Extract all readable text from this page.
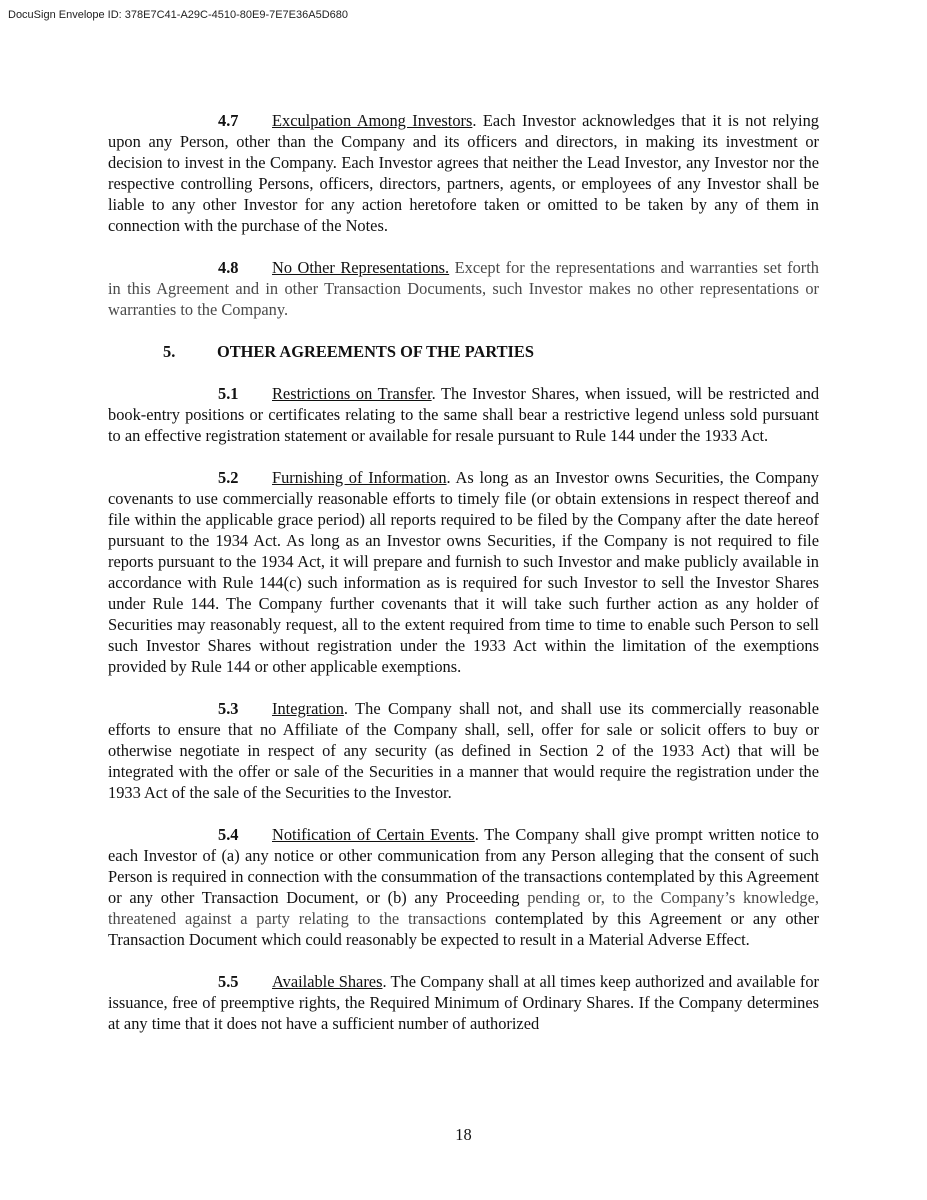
DocuSign Envelope ID: 378E7C41-A29C-4510-80E9-7E7E36A5D680

4.7 Exculpation Among Investors. Each Investor acknowledges that it is not relying upon any Person, other than the Company and its officers and directors, in making its investment or decision to invest in the Company. Each Investor agrees that neither the Lead Investor, any Investor nor the respective controlling Persons, officers, directors, partners, agents, or employees of any Investor shall be liable to any other Investor for any action heretofore taken or omitted to be taken by any of them in connection with the purchase of the Notes.

4.8 No Other Representations. Except for the representations and warranties set forth in this Agreement and in other Transaction Documents, such Investor makes no other representations or warranties to the Company.

5.	OTHER AGREEMENTS OF THE PARTIES

5.1 Restrictions on Transfer. The Investor Shares, when issued, will be restricted and book-entry positions or certificates relating to the same shall bear a restrictive legend unless sold pursuant to an effective registration statement or available for resale pursuant to Rule 144 under the 1933 Act.

5.2 Furnishing of Information. As long as an Investor owns Securities, the Company covenants to use commercially reasonable efforts to timely file (or obtain extensions in respect thereof and file within the applicable grace period) all reports required to be filed by the Company after the date hereof pursuant to the 1934 Act. As long as an Investor owns Securities, if the Company is not required to file reports pursuant to the 1934 Act, it will prepare and furnish to such Investor and make publicly available in accordance with Rule 144(c) such information as is required for such Investor to sell the Investor Shares under Rule 144. The Company further covenants that it will take such further action as any holder of Securities may reasonably request, all to the extent required from time to time to enable such Person to sell such Investor Shares without registration under the 1933 Act within the limitation of the exemptions provided by Rule 144 or other applicable exemptions.

5.3 Integration. The Company shall not, and shall use its commercially reasonable efforts to ensure that no Affiliate of the Company shall, sell, offer for sale or solicit offers to buy or otherwise negotiate in respect of any security (as defined in Section 2 of the 1933 Act) that will be integrated with the offer or sale of the Securities in a manner that would require the registration under the 1933 Act of the sale of the Securities to the Investor.

5.4 Notification of Certain Events. The Company shall give prompt written notice to each Investor of (a) any notice or other communication from any Person alleging that the consent of such Person is required in connection with the consummation of the transactions contemplated by this Agreement or any other Transaction Document, or (b) any Proceeding pending or, to the Company’s knowledge, threatened against a party relating to the transactions contemplated by this Agreement or any other Transaction Document which could reasonably be expected to result in a Material Adverse Effect.

5.5 Available Shares. The Company shall at all times keep authorized and available for issuance, free of preemptive rights, the Required Minimum of Ordinary Shares. If the Company determines at any time that it does not have a sufficient number of authorized

18
